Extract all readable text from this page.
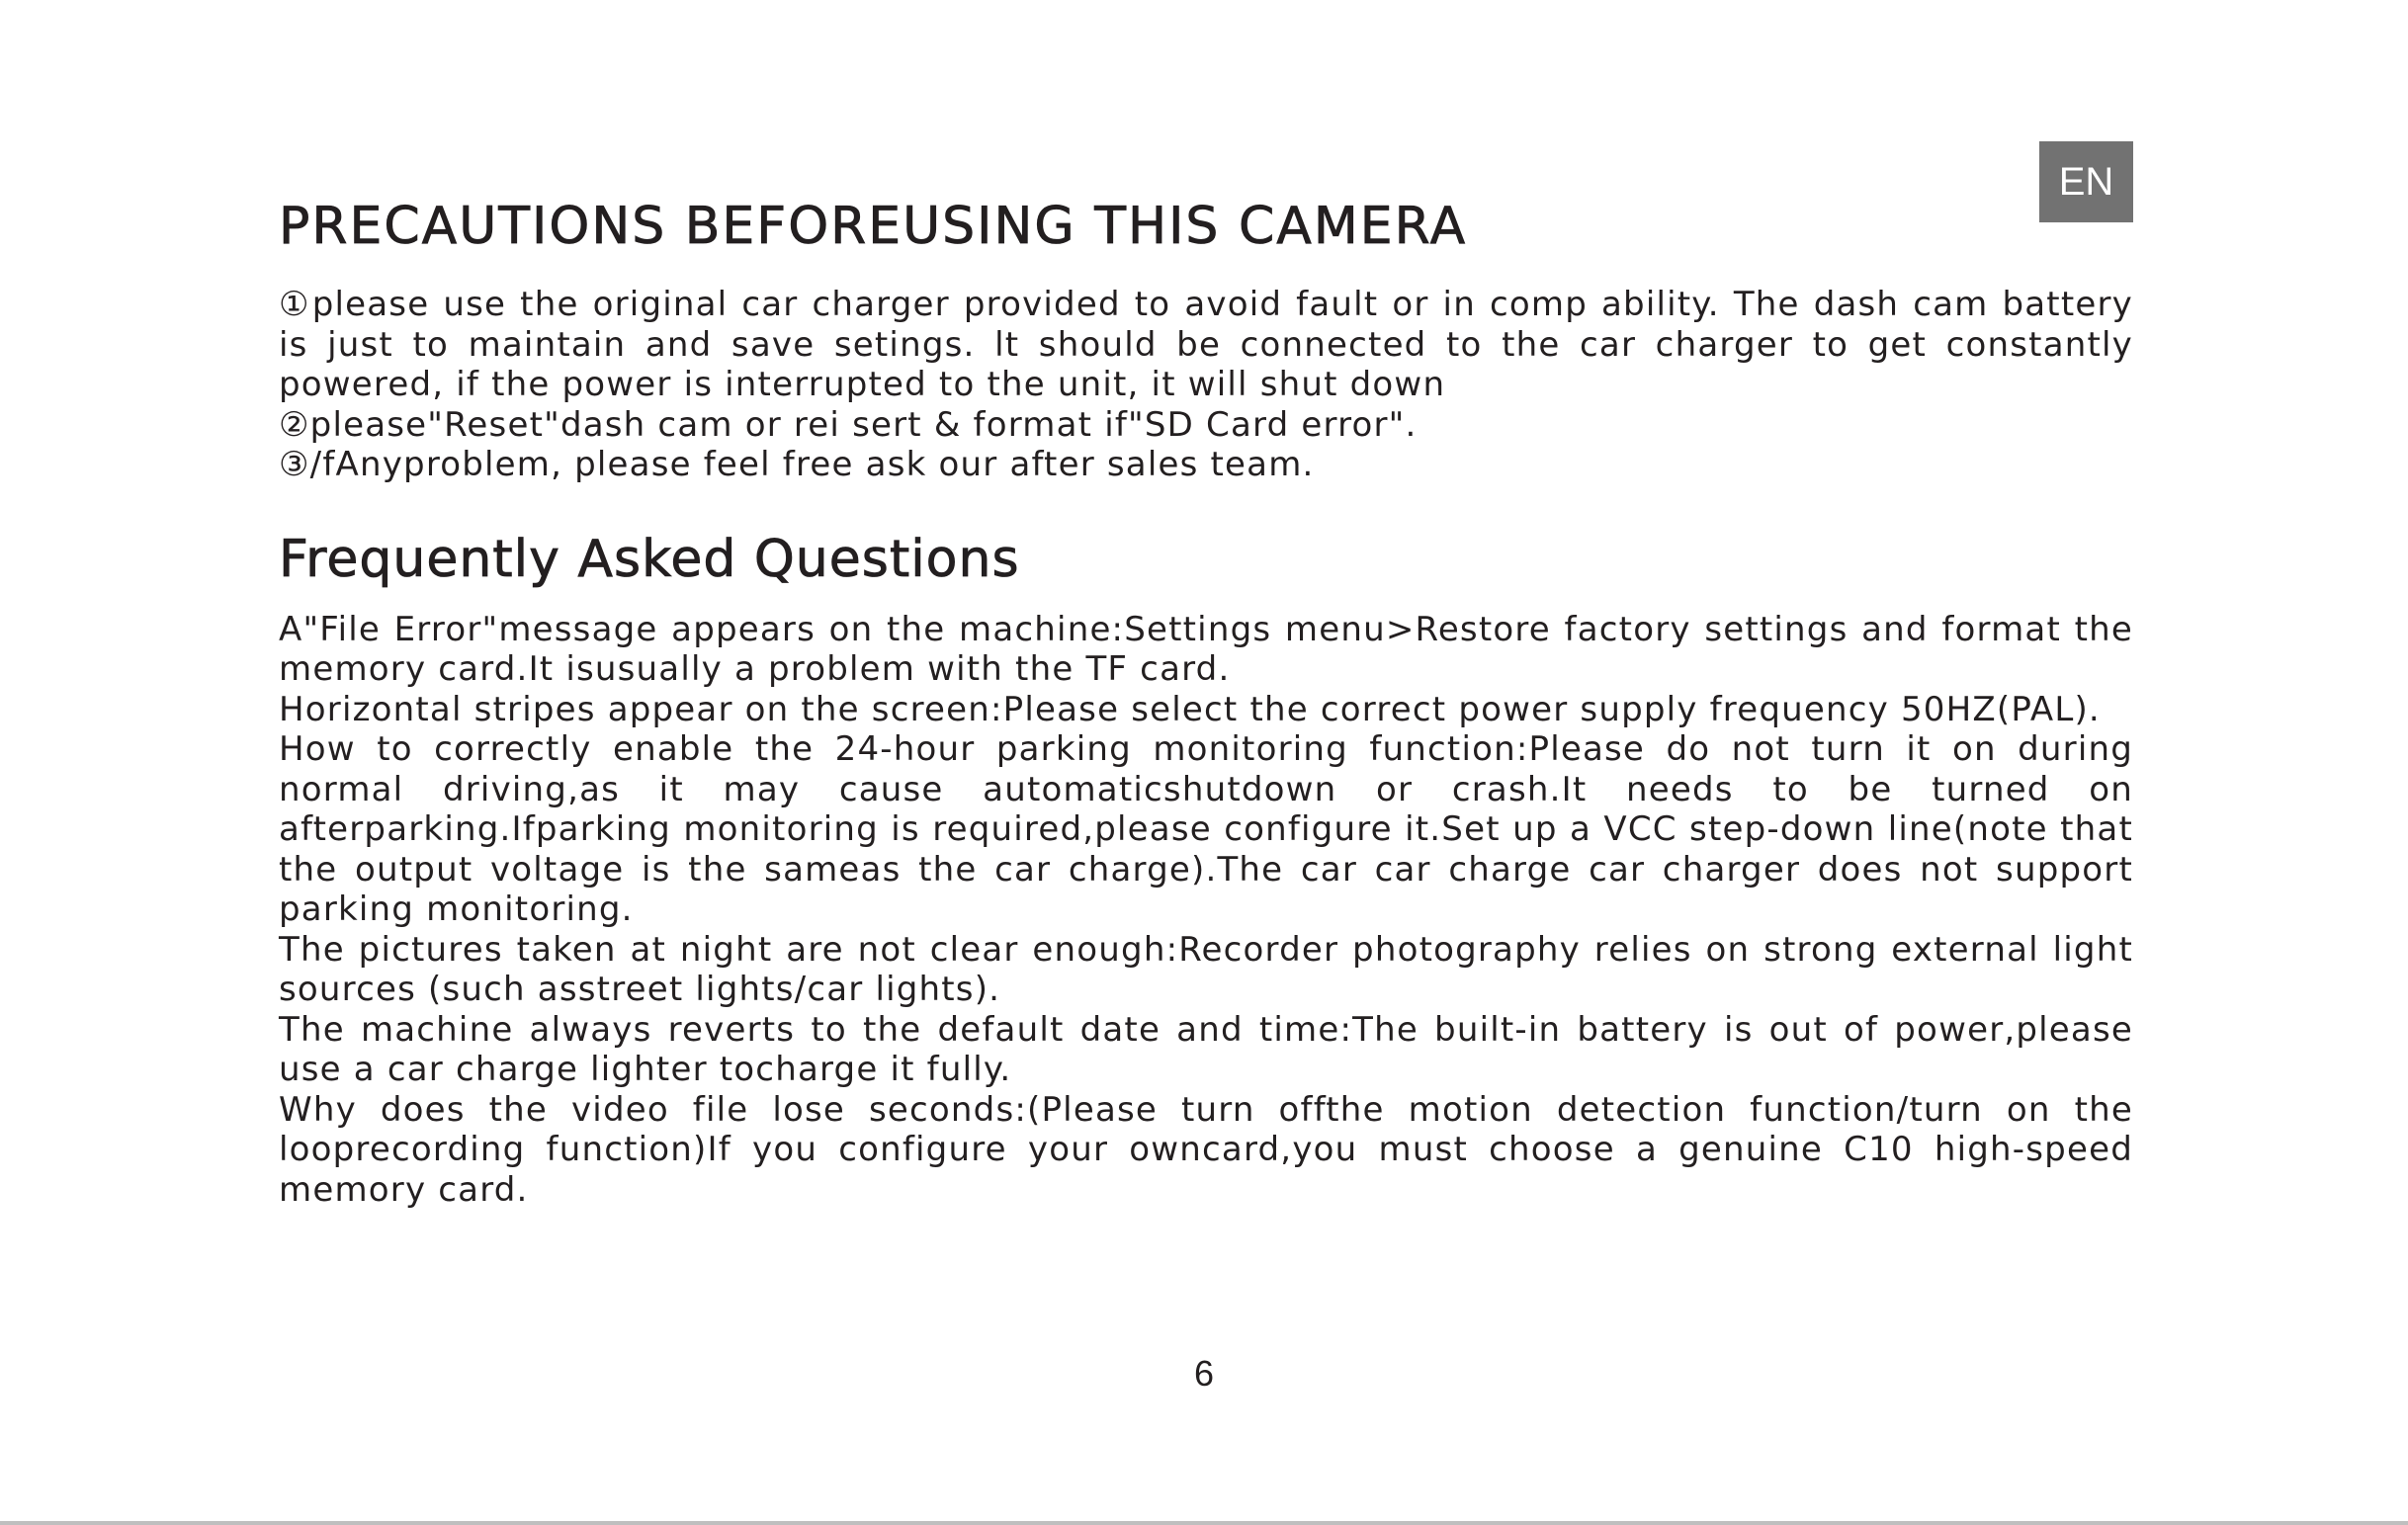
EN
PRECAUTIONS BEFOREUSING THIS CAMERA

①please use the original car charger provided to avoid fault or in comp ability. The dash cam battery is just to maintain and save setings. lt should be connected to the car charger to get constantly powered, if the power is interrupted to the unit, it will shut down

②please"Reset"dash cam or rei sert & format if"SD Card error".

③/fAnyproblem, please feel free ask our after sales team.

Frequently Asked Questions

A"File Error"message appears on the machine:Settings menu>Restore factory settings and format the memory card.It isusually a problem with the TF card.

Horizontal stripes appear on the screen:Please select the correct power supply frequency 50HZ(PAL).

How to correctly enable the 24-hour parking monitoring function:Please do not turn it on during normal driving,as it may cause automaticshutdown or crash.It needs to be turned on afterparking.Ifparking monitoring is required,please configure it.Set up a VCC step-down line(note that the output voltage is the sameas the car charge).The car car charge car charger does not support parking monitoring.

The pictures taken at night are not clear enough:Recorder photography relies on strong external light sources (such asstreet lights/car lights).

The machine always reverts to the default date and time:The built-in battery is out of power,please use a car charge lighter tocharge it fully.

Why does the video file lose seconds:(Please turn offthe motion detection function/turn on the looprecording function)If you configure your owncard,you must choose a genuine C10 high-speed memory card.

6
